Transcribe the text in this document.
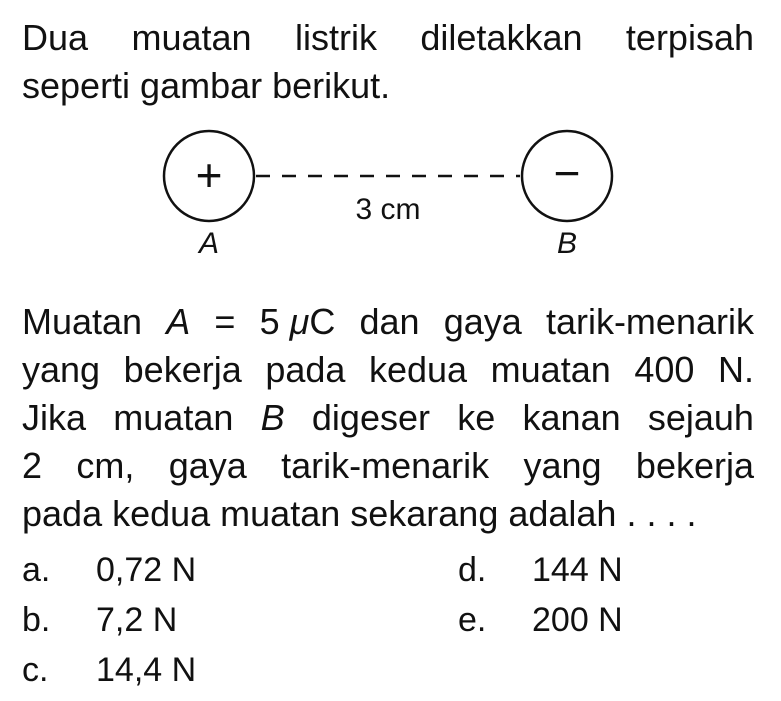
Dua muatan listrik diletakkan terpisah
seperti gambar berikut.
+	−
3 cm
A	B
Muatan A = 5 μC dan gaya tarik-menarik
yang bekerja pada kedua muatan 400 N.
Jika muatan B digeser ke kanan sejauh
2 cm, gaya tarik-menarik yang bekerja
pada kedua muatan sekarang adalah . . . .
a. 0,72 N
b. 7,2 N
c. 14,4 N
d. 144 N
e. 200 N
